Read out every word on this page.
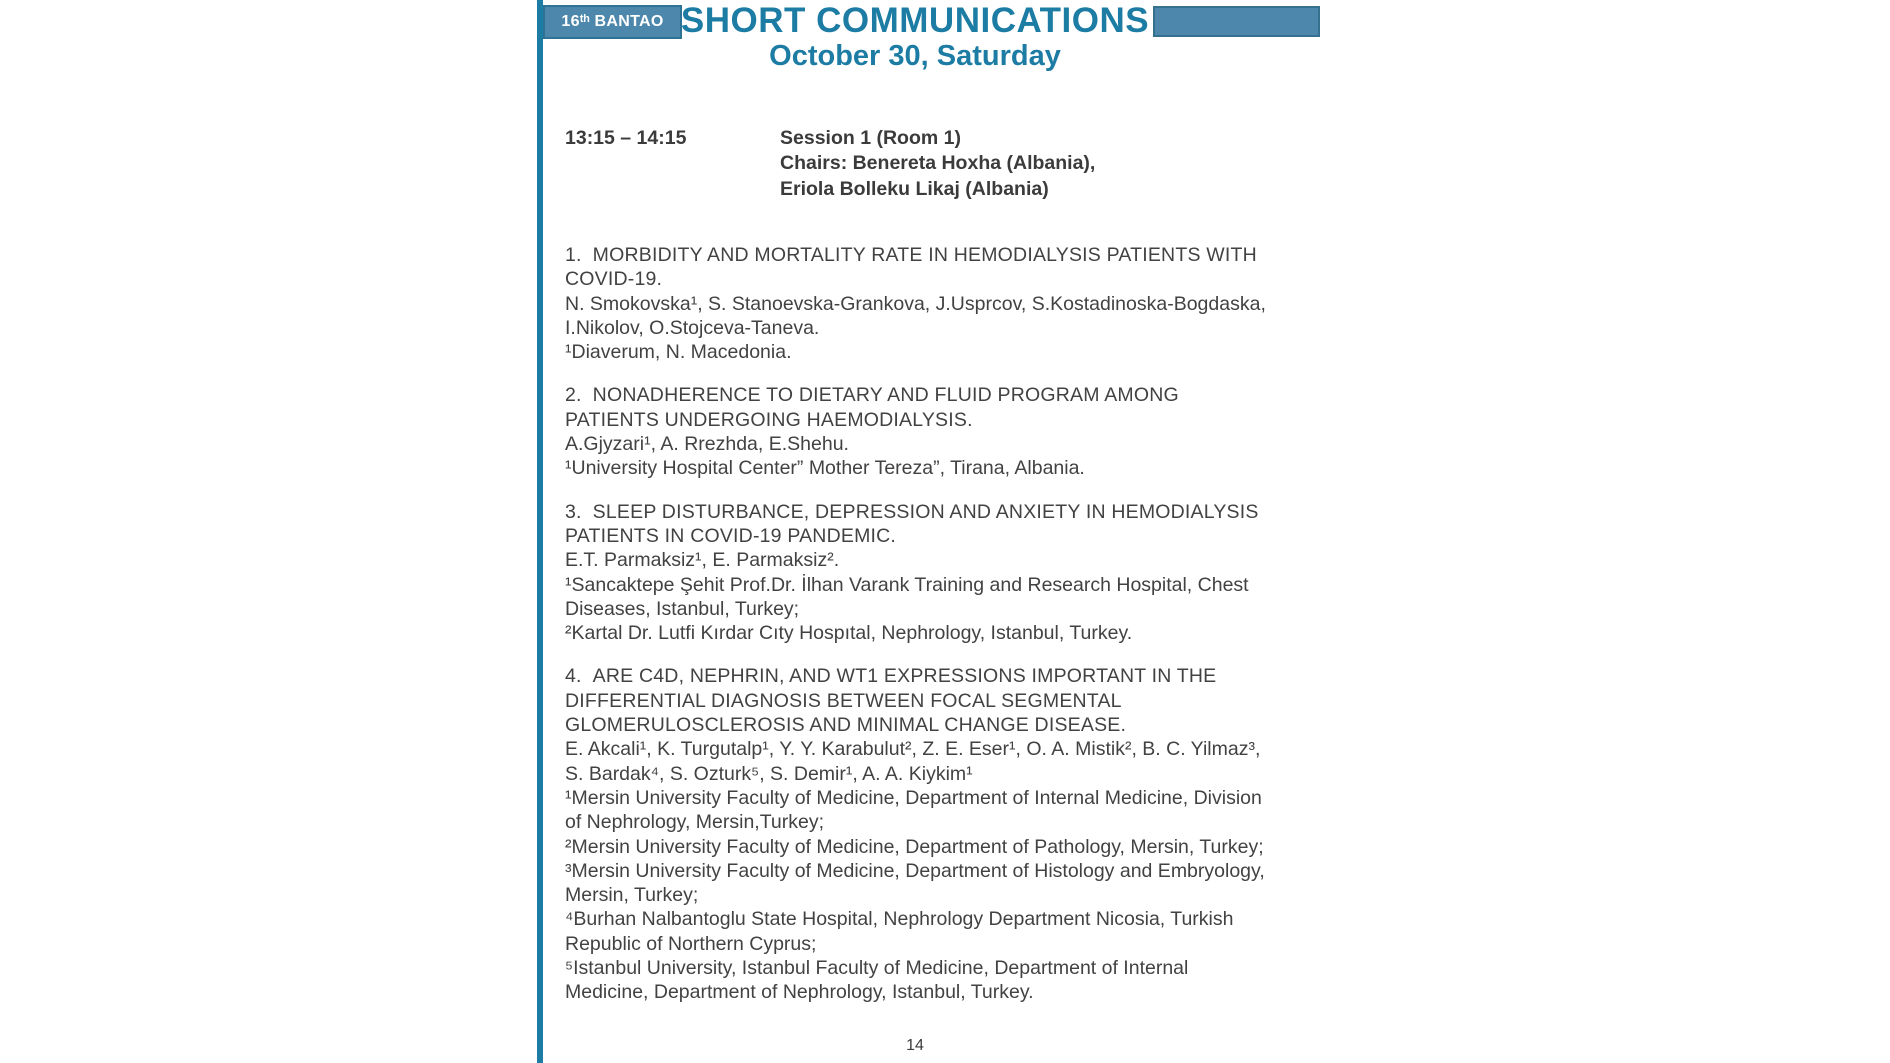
16ᵗʰ BANTAO SHORT COMMUNICATIONS
October 30, Saturday
13:15 – 14:15	Session 1 (Room 1)
Chairs: Benereta Hoxha (Albania),
Eriola Bolleku Likaj (Albania)

1. MORBIDITY AND MORTALITY RATE IN HEMODIALYSIS PATIENTS WITH COVID-19.

N. Smokovska¹, S. Stanoevska-Grankova, J.Usprcov, S.Kostadinoska-Bogdaska, I.Nikolov, O.Stojceva-Taneva.

¹Diaverum, N. Macedonia.

2. NONADHERENCE TO DIETARY AND FLUID PROGRAM AMONG PATIENTS UNDERGOING HAEMODIALYSIS.

A.Gjyzari¹, A. Rrezhda, E.Shehu.

¹University Hospital Center” Mother Tereza”, Tirana, Albania.

3. SLEEP DISTURBANCE, DEPRESSION AND ANXIETY IN HEMODIALYSIS PATIENTS IN COVID-19 PANDEMIC.

E.T. Parmaksiz¹, E. Parmaksiz².

¹Sancaktepe Şehit Prof.Dr. İlhan Varank Training and Research Hospital, Chest Diseases, Istanbul, Turkey;

²Kartal Dr. Lutfi Kırdar Cıty Hospıtal, Nephrology, Istanbul, Turkey.

4. ARE C4D, NEPHRIN, AND WT1 EXPRESSIONS IMPORTANT IN THE DIFFERENTIAL DIAGNOSIS BETWEEN FOCAL SEGMENTAL GLOMERULOSCLEROSIS AND MINIMAL CHANGE DISEASE.

E. Akcali¹, K. Turgutalp¹, Y. Y. Karabulut², Z. E. Eser¹, O. A. Mistik², B. C. Yilmaz³, S. Bardak⁴, S. Ozturk⁵, S. Demir¹, A. A. Kiykim¹

¹Mersin University Faculty of Medicine, Department of Internal Medicine, Division of Nephrology, Mersin,Turkey;

²Mersin University Faculty of Medicine, Department of Pathology, Mersin, Turkey;

³Mersin University Faculty of Medicine, Department of Histology and Embryology, Mersin, Turkey;

⁴Burhan Nalbantoglu State Hospital, Nephrology Department Nicosia, Turkish Republic of Northern Cyprus;

⁵Istanbul University, Istanbul Faculty of Medicine, Department of Internal Medicine, Department of Nephrology, Istanbul, Turkey.

14
